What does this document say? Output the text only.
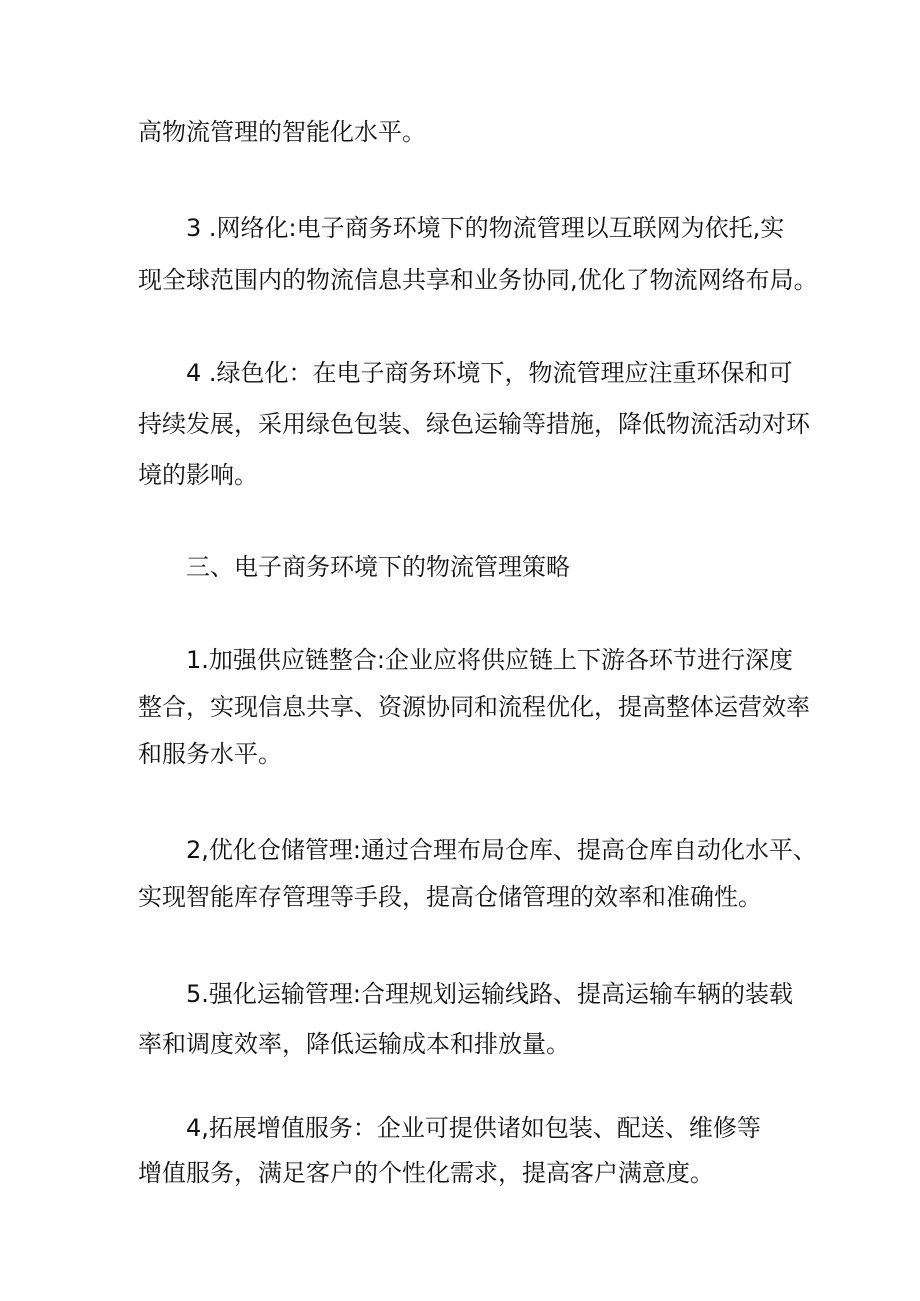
高物流管理的智能化水平。
3 .网络化:电子商务环境下的物流管理以互联网为依托,实
现全球范围内的物流信息共享和业务协同,优化了物流网络布局。
4 .绿色化：在电子商务环境下，物流管理应注重环保和可
持续发展，采用绿色包装、绿色运输等措施，降低物流活动对环
境的影响。
三、电子商务环境下的物流管理策略
1.加强供应链整合:企业应将供应链上下游各环节进行深度
整合，实现信息共享、资源协同和流程优化，提高整体运营效率
和服务水平。
2,优化仓储管理:通过合理布局仓库、提高仓库自动化水平、
实现智能库存管理等手段，提高仓储管理的效率和准确性。
5.强化运输管理:合理规划运输线路、提高运输车辆的装载
率和调度效率，降低运输成本和排放量。
4,拓展增值服务：企业可提供诸如包装、配送、维修等
增值服务，满足客户的个性化需求，提高客户满意度。
